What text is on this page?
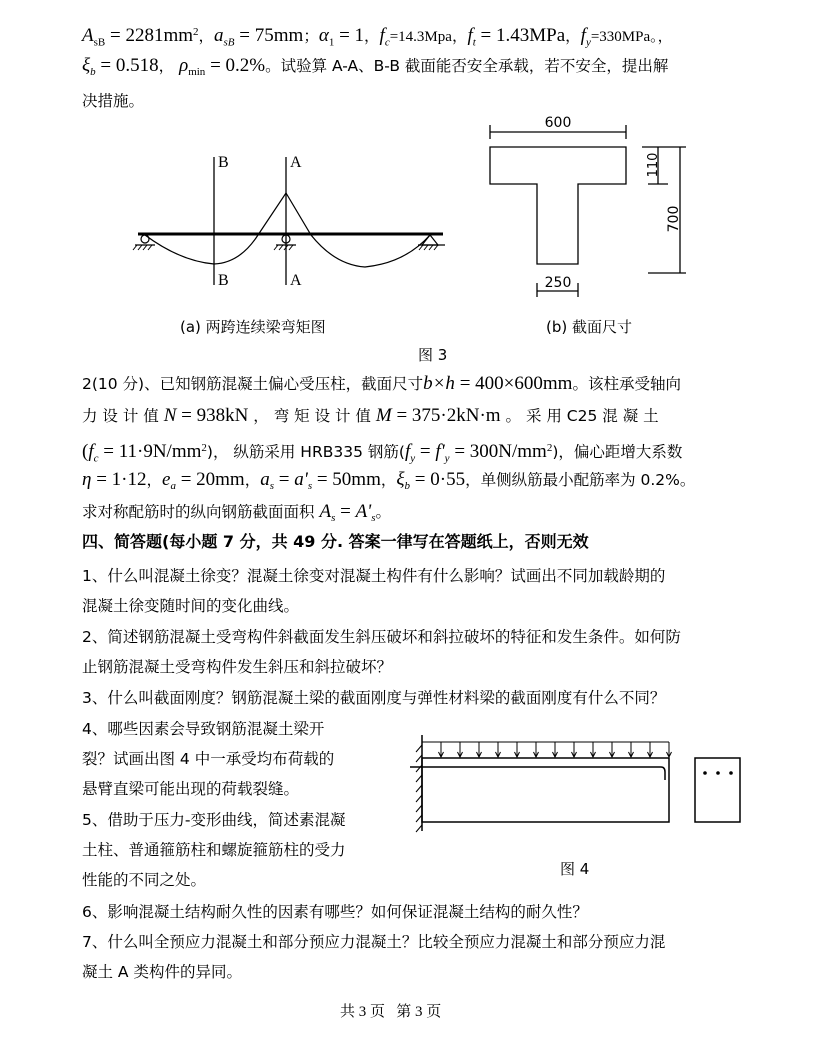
$A_{sB} = 2281mm^2$，$a_{sB} = 75mm$；$\alpha_1 = 1$，$f_c=14.3Mpa$，$f_t = 1.43MPa$，$f_y=330MPa$。，
$\xi_b = 0.518$， $\rho_{min} = 0.2\%$。试验算 A-A、B-B 截面能否安全承载，若不安全，提出解
决措施。
B	A
B	A
(a) 两跨连续梁弯矩图
600
250
110
700
(b) 截面尺寸
图 3
2(10 分)、已知钢筋混凝土偏心受压柱，截面尺寸b×h = 400×600mm。该柱承受轴向
力 设 计 值 N = 938kN ， 弯 矩 设 计 值 M = 375·2kN·m 。 采 用 C25 混 凝 土
$(f_c = 11\cdot 9N/mm^2)$， 纵筋采用 HRB335 钢筋$(f_y = f'_y = 300N/mm^2)$，偏心距增大系数
η = 1·12，$e_a = 20mm$，$a_s = a'_s = 50mm$，$\xi_b = 0\cdot 55$，单侧纵筋最小配筋率为 0.2%。
求对称配筋时的纵向钢筋截面面积 $A_s = A'_s$。
四、简答题(每小题 7 分，共 49 分. 答案一律写在答题纸上，否则无效
1、什么叫混凝土徐变？混凝土徐变对混凝土构件有什么影响？试画出不同加载龄期的
混凝土徐变随时间的变化曲线。
2、简述钢筋混凝土受弯构件斜截面发生斜压破坏和斜拉破坏的特征和发生条件。如何防
止钢筋混凝土受弯构件发生斜压和斜拉破坏？
3、什么叫截面刚度？钢筋混凝土梁的截面刚度与弹性材料梁的截面刚度有什么不同？
4、哪些因素会导致钢筋混凝土梁开
裂？试画出图 4 中一承受均布荷载的
悬臂直梁可能出现的荷载裂缝。
5、借助于压力-变形曲线，简述素混凝
土柱、普通箍筋柱和螺旋箍筋柱的受力
性能的不同之处。
图 4
6、影响混凝土结构耐久性的因素有哪些？如何保证混凝土结构的耐久性？
7、什么叫全预应力混凝土和部分预应力混凝土？比较全预应力混凝土和部分预应力混
凝土 A 类构件的异同。
共 3 页   第 3 页
